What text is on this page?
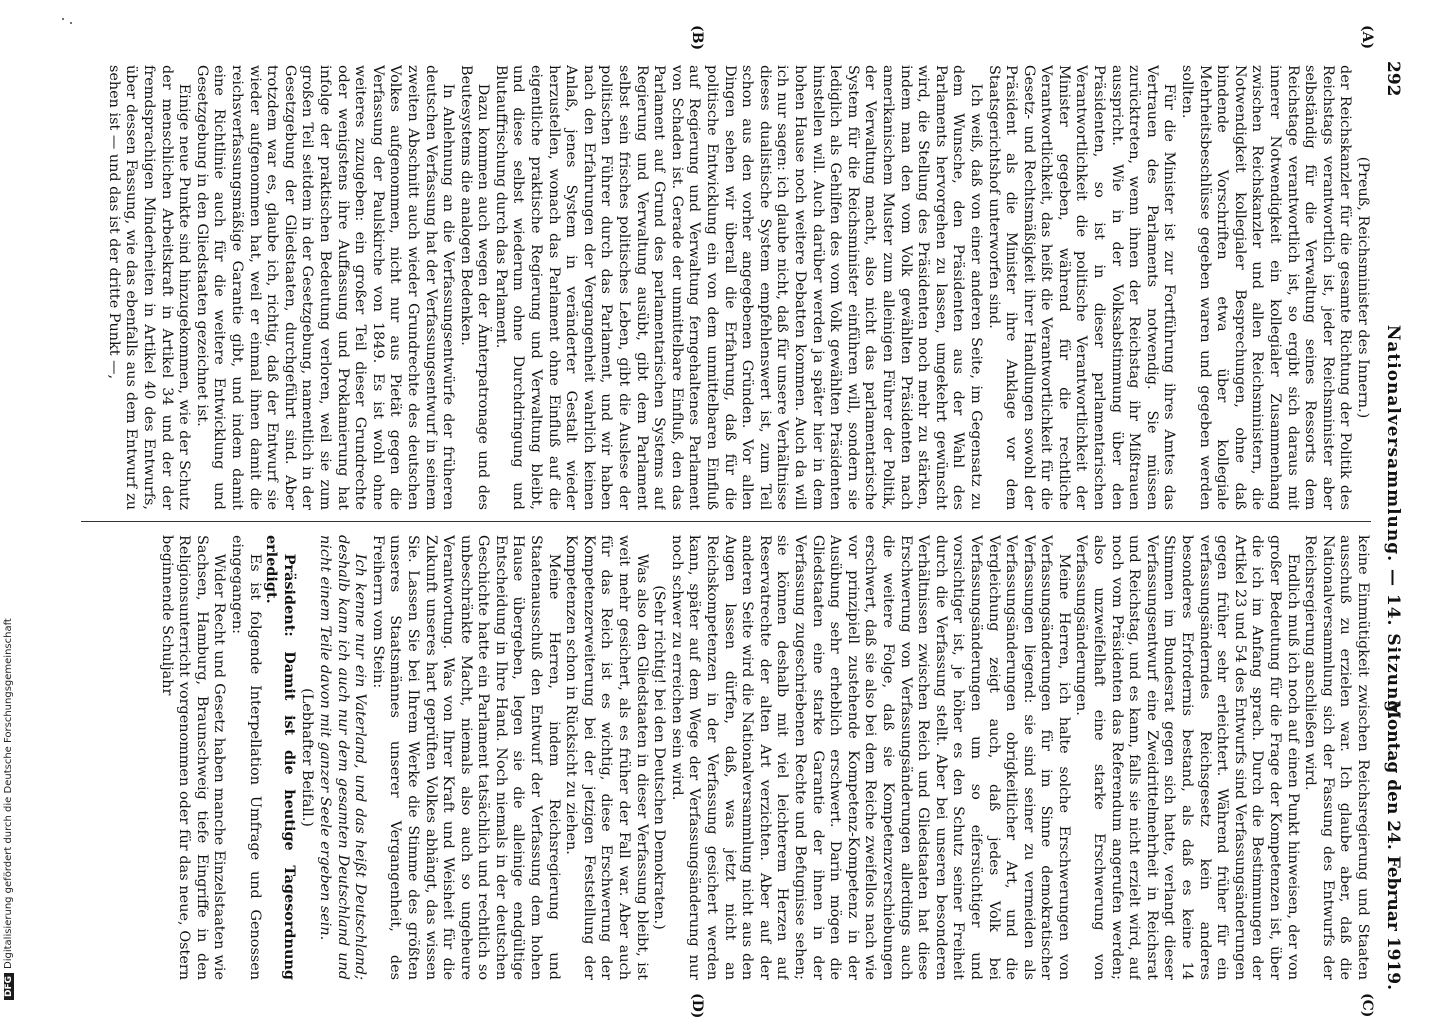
292
Nationalversammlung. — 14. Sitzung.
Montag den 24. Februar 1919.
(A)
(B)
(C)
(D)

(Preuß, Reichsminister des Innern.)

der Reichskanzler für die gesamte Richtung der Politik des Reichstags verantwortlich ist, jeder Reichsminister aber selbständig für die Verwaltung seines Ressorts dem Reichstage verantwortlich ist, so ergibt sich daraus mit innerer Notwendigkeit ein kollegialer Zusammenhang zwischen Reichskanzler und allen Reichsministern, die Notwendigkeit kollegialer Besprechungen, ohne daß bindende Vorschriften etwa über kollegiale Mehrheitsbeschlüsse gegeben waren und gegeben werden sollten.

Für die Minister ist zur Fortführung ihres Amtes das Vertrauen des Parlaments notwendig. Sie müssen zurücktreten, wenn ihnen der Reichstag ihr Mißtrauen ausspricht. Wie in der Volksabstimmung über den Präsidenten, so ist in dieser parlamentarischen Verantwortlichkeit die politische Verantwortlichkeit der Minister gegeben, während für die rechtliche Verantwortlichkeit, das heißt die Verantwortlichkeit für die Gesetz- und Rechtsmäßigkeit ihrer Handlungen sowohl der Präsident als die Minister ihre Anklage vor dem Staatsgerichtshof unterworfen sind.

Ich weiß, daß von einer anderen Seite, im Gegensatz zu dem Wunsche, den Präsidenten aus der Wahl des Parlaments hervorgehen zu lassen, umgekehrt gewünscht wird, die Stellung des Präsidenten noch mehr zu stärken, indem man den vom Volk gewählten Präsidenten nach amerikanischem Muster zum alleinigen Führer der Politik, der Verwaltung macht, also nicht das parlamentarische System für die Reichsminister einführen will, sondern sie lediglich als Gehilfen des vom Volk gewählten Präsidenten hinstellen will. Auch darüber werden ja später hier in dem hohen Hause noch weitere Debatten kommen. Auch da will ich nur sagen: ich glaube nicht, daß für unsere Verhältnisse dieses dualistische System empfehlenswert ist, zum Teil schon aus den vorher angegebenen Gründen. Vor allen Dingen sehen wir überall die Erfahrung, daß für die politische Entwicklung ein von dem unmittelbaren Einfluß auf Regierung und Verwaltung ferngehaltenes Parlament von Schaden ist. Gerade der unmittelbare Einfluß, den das Parlament auf Grund des parlamentarischen Systems auf Regierung und Verwaltung ausübt, gibt dem Parlament selbst sein frisches politisches Leben, gibt die Auslese der politischen Führer durch das Parlament, und wir haben nach den Erfahrungen der Vergangenheit wahrlich keinen Anlaß, jenes System in veränderter Gestalt wieder herzustellen, wonach das Parlament ohne Einfluß auf die eigentliche praktische Regierung und Verwaltung bleibt, und diese selbst wiederum ohne Durchdringung und Blutauffrischung durch das Parlament.

Dazu kommen auch wegen der Ämterpatronage und des Beutesystems die analogen Bedenken.

In Anlehnung an die Verfassungsentwürfe der früheren deutschen Verfassung hat der Verfassungsentwurf in seinem zweiten Abschnitt auch wieder Grundrechte des deutschen Volkes aufgenommen, nicht nur aus Pietät gegen die Verfassung der Paulskirche von 1849. Es ist wohl ohne weiteres zuzugeben: ein großer Teil dieser Grundrechte oder wenigstens ihre Auffassung und Proklamierung hat infolge der praktischen Bedeutung verloren, weil sie zum großen Teil seitdem in der Gesetzgebung, namentlich in der Gesetzgebung der Gliedstaaten, durchgeführt sind. Aber trotzdem war es, glaube ich, richtig, daß der Entwurf sie wieder aufgenommen hat, weil er einmal ihnen damit die reichsverfassungsmäßige Garantie gibt, und indem damit eine Richtlinie auch für die weitere Entwicklung und Gesetzgebung in den Gliedstaaten gezeichnet ist.

Einige neue Punkte sind hinzugekommen, wie der Schutz der menschlichen Arbeitskraft in Artikel 34 und der der fremdsprachigen Minderheiten in Artikel 40 des Entwurfs, über dessen Fassung, wie das ebenfalls aus dem Entwurf zu sehen ist — und das ist der dritte Punkt —,

keine Einmütigkeit zwischen Reichsregierung und Staaten ausschuß zu erzielen war. Ich glaube aber, daß die Nationalversammlung sich der Fassung des Entwurfs der Reichsregierung anschließen wird.

Endlich muß ich noch auf einen Punkt hinweisen, der von großer Bedeutung für die Frage der Kompetenzen ist, über die ich im Anfang sprach. Durch die Bestimmungen der Artikel 23 und 54 des Entwurfs sind Verfassungsänderungen gegen früher sehr erleichtert. Während früher für ein verfassungsänderndes Reichsgesetz kein anderes besonderes Erfordernis bestand, als daß es keine 14 Stimmen im Bundesrat gegen sich hatte, verlangt dieser Verfassungsentwurf eine Zweidrittelmehrheit in Reichsrat und Reichstag, und es kann, falls sie nicht erzielt wird, auf noch vom Präsidenten das Referendum angerufen werden; also unzweifelhaft eine starke Erschwerung von Verfassungsänderungen.

Meine Herren, ich halte solche Erschwerungen von Verfassungsänderungen für im Sinne demokratischer Verfassungen liegend: sie sind seiner zu vermeiden als Verfassungsänderungen obrigkeitlicher Art, und die Vergleichung zeigt auch, daß jedes Volk bei Verfassungsänderungen um so eifersüchtiger und vorsichtiger ist, je höher es den Schutz seiner Freiheit durch die Verfassung stellt. Aber bei unseren besonderen Verhältnissen zwischen Reich und Gliedstaaten hat diese Erschwerung von Verfassungsänderungen allerdings auch die weitere Folge, daß sie Kompetenzverschiebungen erschwert, daß sie also bei dem Reiche zweifellos nach wie vor prinzipiell zustehende Kompetenz-Kompetenz in der Ausübung sehr erheblich erschwert. Darin mögen die Gliedstaaten eine starke Garantie der ihnen in der Verfassung zugeschriebenen Rechte und Befugnisse sehen; sie können deshalb mit viel leichterem Herzen auf Reservatrechte der alten Art verzichten. Aber auf der anderen Seite wird die Nationalversammlung nicht aus den Augen lassen dürfen, daß, was jetzt nicht an Reichskompetenzen in der Verfassung gesichert werden kann, später auf dem Wege der Verfassungsänderung nur noch schwer zu erreichen sein wird.

(Sehr richtig! bei den Deutschen Demokraten.)

Was also den Gliedstaaten in dieser Verfassung bleibt, ist weit mehr gesichert, als es früher der Fall war. Aber auch für das Reich ist es wichtig, diese Erschwerung der Kompetenzerweiterung bei der jetzigen Feststellung der Kompetenzen schon in Rücksicht zu ziehen.

Meine Herren, indem Reichsregierung und Staatenausschuß den Entwurf der Verfassung dem hohen Hause übergeben, legen sie die alleinige endgültige Entscheidung in Ihre Hand. Noch niemals in der deutschen Geschichte hatte ein Parlament tatsächlich und rechtlich so unbeschränkte Macht, niemals also auch so ungeheure Verantwortung. Was von Ihrer Kraft und Weisheit für die Zukunft unseres hart geprüften Volkes abhängt, das wissen Sie. Lassen Sie bei Ihrem Werke die Stimme des größten unseres Staatsmännes unserer Vergangenheit, des Freiherrn vom Stein:

Ich kenne nur ein Vaterland, und das heißt Deutschland; deshalb kann ich auch nur dem gesamten Deutschland und nicht einem Teile davon mit ganzer Seele ergeben sein.

(Lebhafter Beifall.)

Präsident: Damit ist die heutige Tagesordnung erledigt.

Es ist folgende Interpellation Umfrage und Genossen eingegangen:

Wider Recht und Gesetz haben manche Einzelstaaten wie Sachsen, Hamburg, Braunschweig tiefe Eingriffe in den Religionsunterricht vorgenommen oder für das neue, Ostern beginnende Schuljahr

DFGDigitalisierung gefördert durch die Deutsche Forschungsgemeinschaft
